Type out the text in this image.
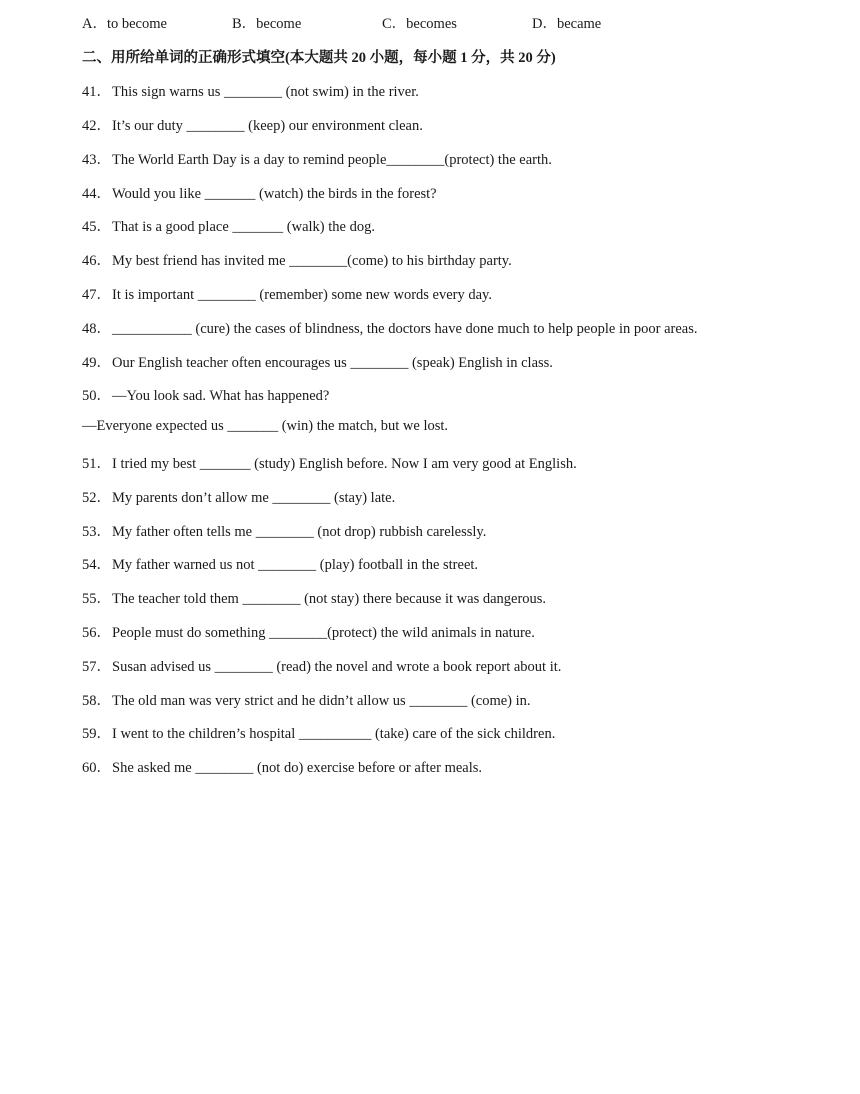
A．to become	B．become	C．becomes	D．became
二、用所给单词的正确形式填空(本大题共 20 小题，每小题 1 分，共 20 分)
41．This sign warns us ________ (not swim) in the river.
42．It’s our duty ________ (keep) our environment clean.
43．The World Earth Day is a day to remind people________(protect) the earth.
44．Would you like _______ (watch) the birds in the forest?
45．That is a good place _______ (walk) the dog.
46．My best friend has invited me ________(come) to his birthday party.
47．It is important ________ (remember) some new words every day.
48．___________ (cure) the cases of blindness, the doctors have done much to help people in poor areas.
49．Our English teacher often encourages us ________ (speak) English in class.
50．—You look sad. What has happened?
—Everyone expected us _______ (win) the match, but we lost.
51．I tried my best _______ (study) English before. Now I am very good at English.
52．My parents don’t allow me ________ (stay) late.
53．My father often tells me ________ (not drop) rubbish carelessly.
54．My father warned us not ________ (play) football in the street.
55．The teacher told them ________ (not stay) there because it was dangerous.
56．People must do something ________(protect) the wild animals in nature.
57．Susan advised us ________ (read) the novel and wrote a book report about it.
58．The old man was very strict and he didn’t allow us ________ (come) in.
59．I went to the children’s hospital __________ (take) care of the sick children.
60．She asked me ________ (not do) exercise before or after meals.
